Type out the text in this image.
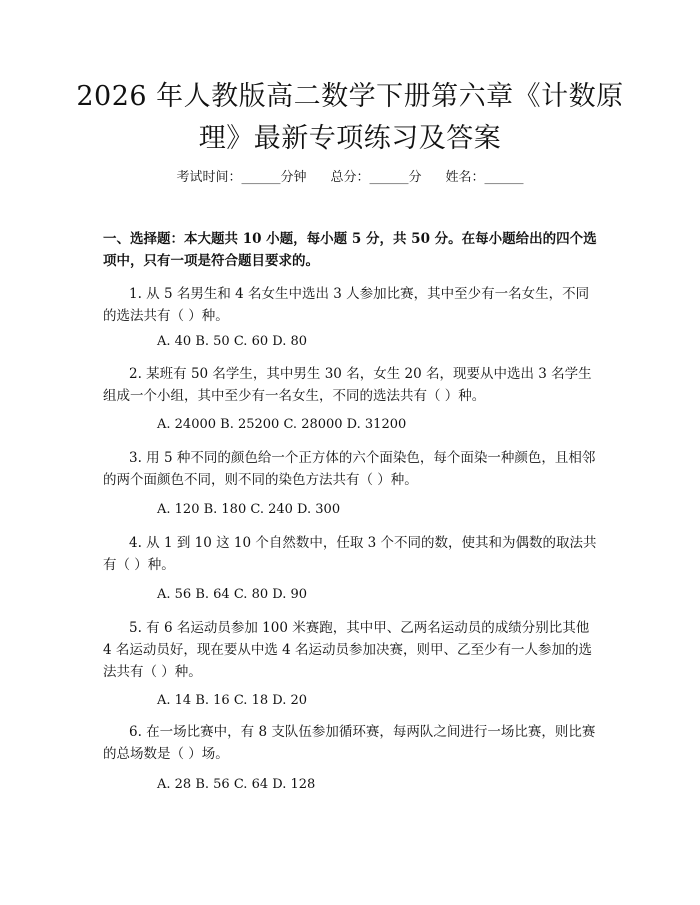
2026 年人教版高二数学下册第六章《计数原理》最新专项练习及答案
考试时间：______分钟 总分：______分 姓名：______
一、选择题：本大题共 10 小题，每小题 5 分，共 50 分。在每小题给出的四个选项中，只有一项是符合题目要求的。
1. 从 5 名男生和 4 名女生中选出 3 人参加比赛，其中至少有一名女生，不同的选法共有（ ）种。
A. 40 B. 50 C. 60 D. 80
2. 某班有 50 名学生，其中男生 30 名，女生 20 名，现要从中选出 3 名学生组成一个小组，其中至少有一名女生，不同的选法共有（ ）种。
A. 24000 B. 25200 C. 28000 D. 31200
3. 用 5 种不同的颜色给一个正方体的六个面染色，每个面染一种颜色，且相邻的两个面颜色不同，则不同的染色方法共有（ ）种。
A. 120 B. 180 C. 240 D. 300
4. 从 1 到 10 这 10 个自然数中，任取 3 个不同的数，使其和为偶数的取法共有（ ）种。
A. 56 B. 64 C. 80 D. 90
5. 有 6 名运动员参加 100 米赛跑，其中甲、乙两名运动员的成绩分别比其他 4 名运动员好，现在要从中选 4 名运动员参加决赛，则甲、乙至少有一人参加的选法共有（ ）种。
A. 14 B. 16 C. 18 D. 20
6. 在一场比赛中，有 8 支队伍参加循环赛，每两队之间进行一场比赛，则比赛的总场数是（ ）场。
A. 28 B. 56 C. 64 D. 128
